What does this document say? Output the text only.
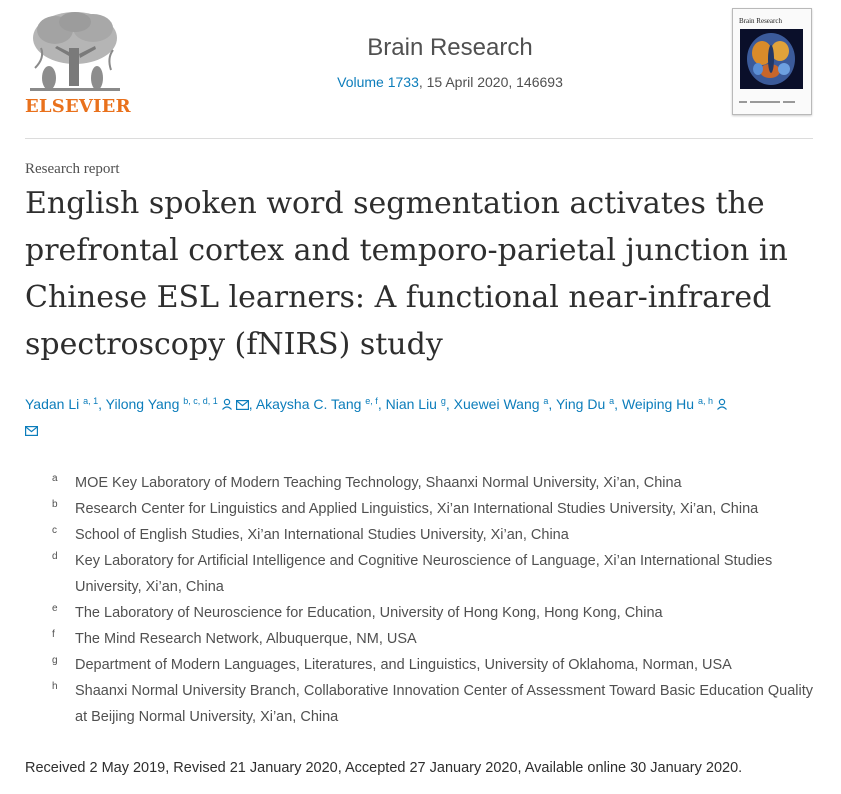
ELSEVIER
Brain Research
Volume 1733, 15 April 2020, 146693
Brain Research
Research report
English spoken word segmentation activates the prefrontal cortex and temporo-parietal junction in Chinese ESL learners: A functional near-infrared spectroscopy (fNIRS) study
Yadan Li $^{a, 1}$, Yilong Yang $^{b, c, d, 1}$ , Akaysha C. Tang $^{e, f}$, Nian Liu $^g$, Xuewei Wang $^a$, Ying Du $^a$, Weiping Hu $^{a, h}$

a MOE Key Laboratory of Modern Teaching Technology, Shaanxi Normal University, Xi’an, China
b Research Center for Linguistics and Applied Linguistics, Xi’an International Studies University, Xi’an, China
c School of English Studies, Xi’an International Studies University, Xi’an, China
d Key Laboratory for Artificial Intelligence and Cognitive Neuroscience of Language, Xi’an International Studies University, Xi’an, China
e The Laboratory of Neuroscience for Education, University of Hong Kong, Hong Kong, China
f The Mind Research Network, Albuquerque, NM, USA
g Department of Modern Languages, Literatures, and Linguistics, University of Oklahoma, Norman, USA
h Shaanxi Normal University Branch, Collaborative Innovation Center of Assessment Toward Basic Education Quality at Beijing Normal University, Xi’an, China
Received 2 May 2019, Revised 21 January 2020, Accepted 27 January 2020, Available online 30 January 2020.
